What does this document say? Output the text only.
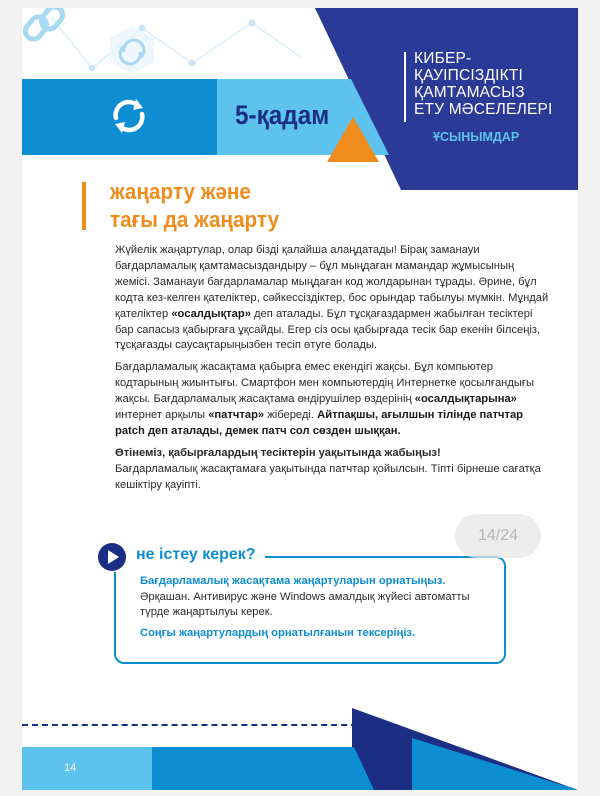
КИБЕР-
ҚАУІПСІЗДІКТІ
ҚАМТАМАСЫЗ
ЕТУ МӘСЕЛЕЛЕРІ
ҰСЫНЫМДАР
5-қадам
жаңарту және
тағы да жаңарту

Жүйелік жаңартулар, олар бізді қалайша алаңдатады! Бірақ заманауи бағдарламалық қамтамасыздандыру – бұл мыңдаған мамандар жұмысының жемісі. Заманауи бағдарламалар мыңдаған код жолдарынан тұрады. Әрине, бұл кодта кез-келген қателіктер, сәйкессіздіктер, бос орындар табылуы мүмкін. Мұндай қателіктер «осалдықтар» деп аталады. Бұл тұсқағаздармен жабылған тесіктері бар сапасыз қабырғаға ұқсайды. Егер сіз осы қабырғада тесік бар екенін білсеңіз, тұсқағазды саусақтарыңызбен тесіп өтуге болады.

Бағдарламалық жасақтама қабырға емес екендігі жақсы. Бұл компьютер кодтарының жиынтығы. Смартфон мен компьютердің Интернетке қосылғандығы жақсы. Бағдарламалық жасақтама өндірушілер өздерінің «осалдықтарына» интернет арқылы «патчтар» жібереді. Айтпақшы, ағылшын тілінде патчтар patch деп аталады, демек патч сол сөзден шыққан.

Өтінеміз, қабырғалардың тесіктерін уақытында жабыңыз!

Бағдарламалық жасақтамаға уақытында патчтар қойылсын. Тіпті бірнеше сағатқа кешіктіру қауіпті.

не істеу керек?

Бағдарламалық жасақтама жаңартуларын орнатыңыз. Әрқашан. Антивирус және Windows амалдық жүйесі автоматты түрде жаңартылуы керек.

Соңғы жаңартулардың орнатылғанын тексеріңіз.

14
14/24
